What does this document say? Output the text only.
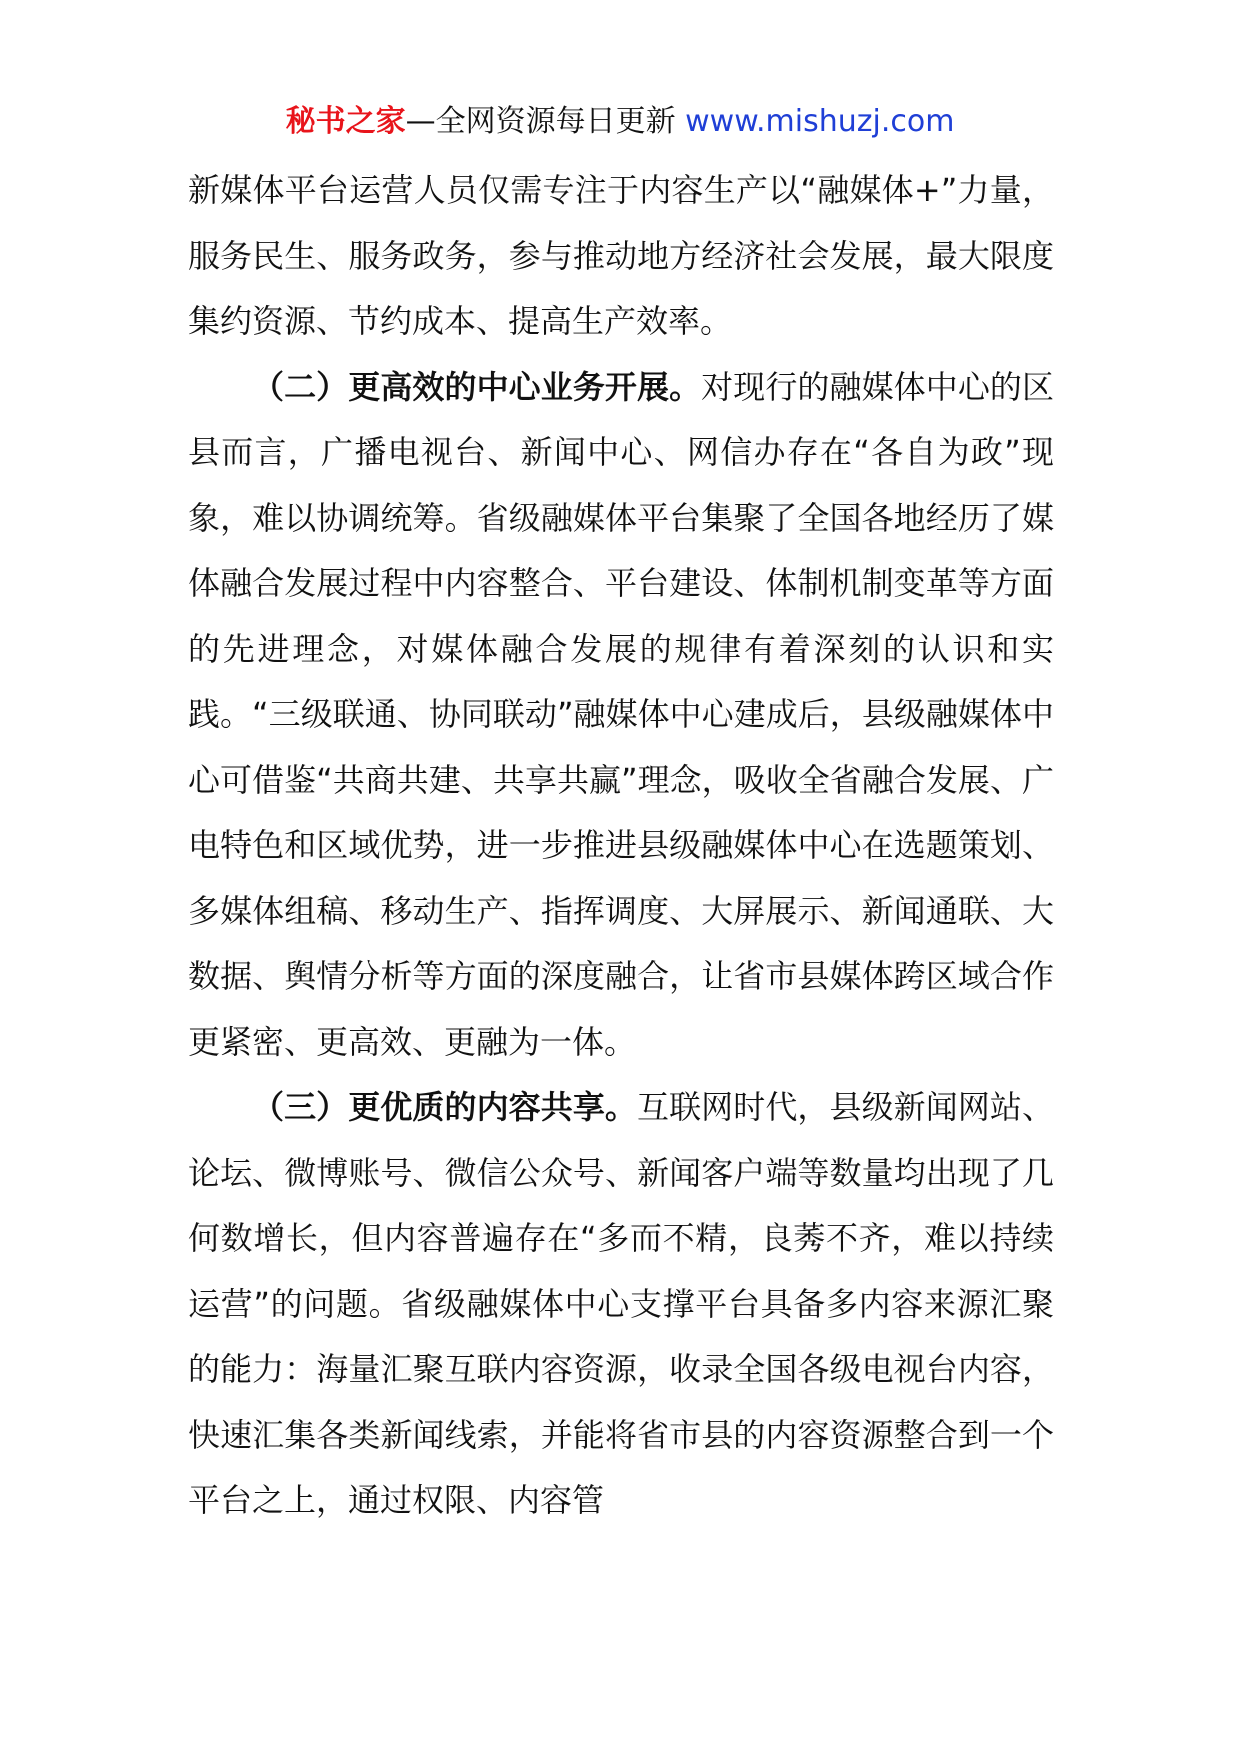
秘书之家—全网资源每日更新 www.mishuzj.com

新媒体平台运营人员仅需专注于内容生产以“融媒体+”力量，服务民生、服务政务，参与推动地方经济社会发展，最大限度集约资源、节约成本、提高生产效率。

（二）更高效的中心业务开展。对现行的融媒体中心的区县而言，广播电视台、新闻中心、网信办存在“各自为政”现象，难以协调统筹。省级融媒体平台集聚了全国各地经历了媒体融合发展过程中内容整合、平台建设、体制机制变革等方面的先进理念，对媒体融合发展的规律有着深刻的认识和实践。“三级联通、协同联动”融媒体中心建成后，县级融媒体中心可借鉴“共商共建、共享共赢”理念，吸收全省融合发展、广电特色和区域优势，进一步推进县级融媒体中心在选题策划、多媒体组稿、移动生产、指挥调度、大屏展示、新闻通联、大数据、舆情分析等方面的深度融合，让省市县媒体跨区域合作更紧密、更高效、更融为一体。

（三）更优质的内容共享。互联网时代，县级新闻网站、论坛、微博账号、微信公众号、新闻客户端等数量均出现了几何数增长，但内容普遍存在“多而不精，良莠不齐，难以持续运营”的问题。省级融媒体中心支撑平台具备多内容来源汇聚的能力：海量汇聚互联内容资源，收录全国各级电视台内容，快速汇集各类新闻线索，并能将省市县的内容资源整合到一个平台之上，通过权限、内容管
